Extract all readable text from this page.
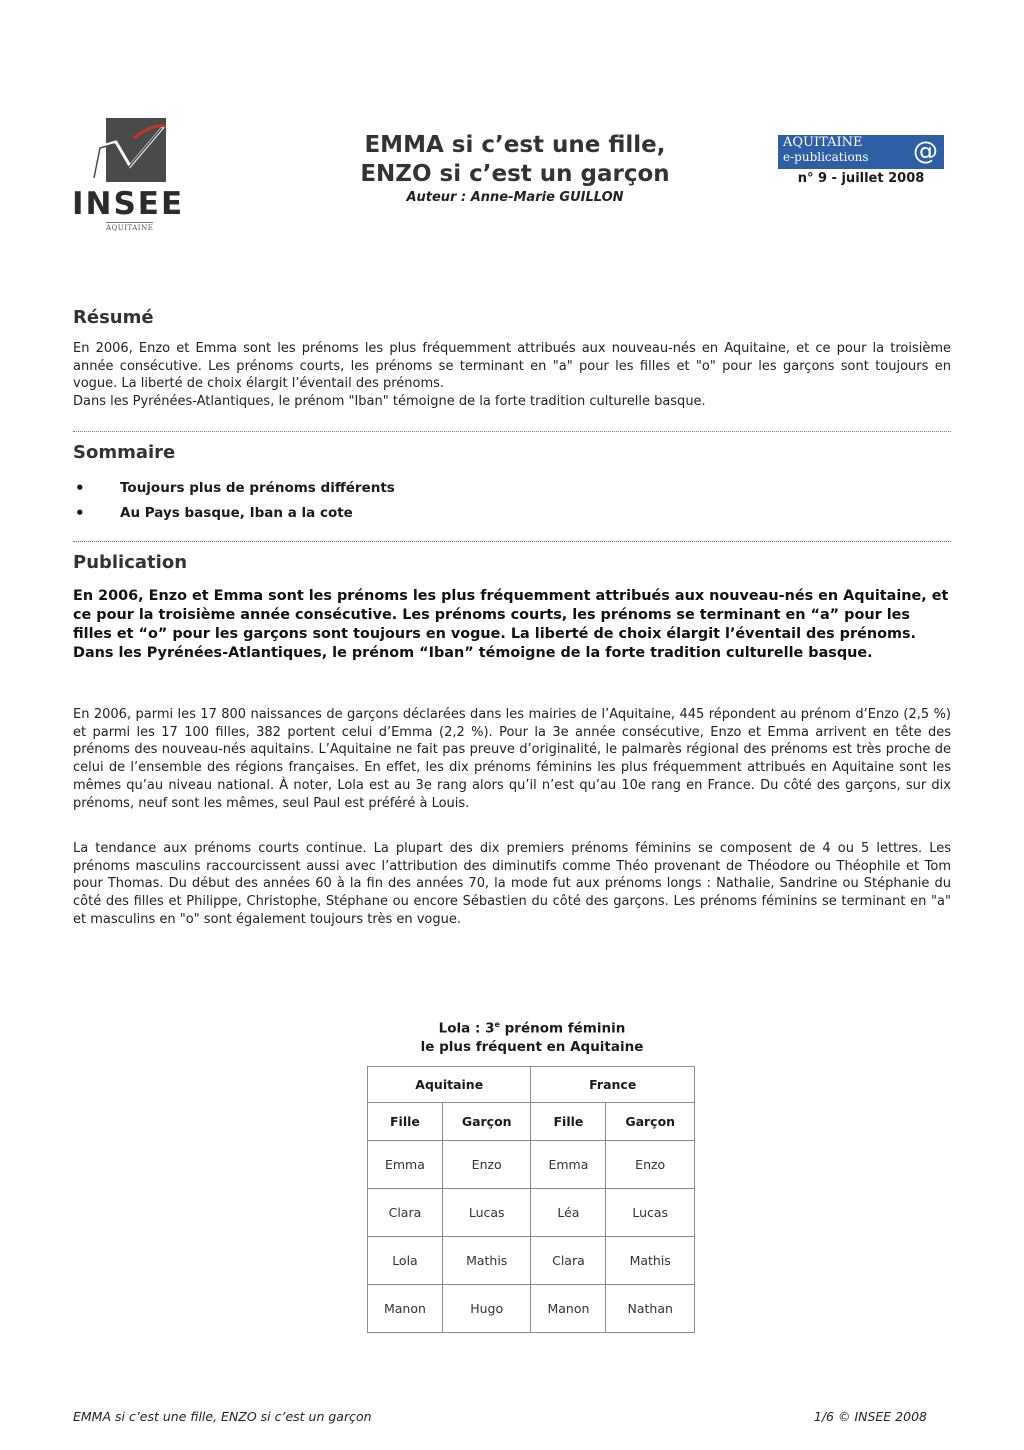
INSEE
AQUITAINE
EMMA si c’est une fille,
ENZO si c’est un garçon
Auteur : Anne-Marie GUILLON
AQUITAINE
e-publications @
n° 9 - juillet 2008
Résumé

En 2006, Enzo et Emma sont les prénoms les plus fréquemment attribués aux nouveau-nés en Aquitaine, et ce pour la troisième année consécutive. Les prénoms courts, les prénoms se terminant en "a" pour les filles et "o" pour les garçons sont toujours en vogue. La liberté de choix élargit l’éventail des prénoms.

Dans les Pyrénées-Atlantiques, le prénom "Iban" témoigne de la forte tradition culturelle basque.

Sommaire
• Toujours plus de prénoms différents
• Au Pays basque, Iban a la cote
Publication

En 2006, Enzo et Emma sont les prénoms les plus fréquemment attribués aux nouveau-nés en Aquitaine, et ce pour la troisième année consécutive. Les prénoms courts, les prénoms se terminant en “a” pour les filles et “o” pour les garçons sont toujours en vogue. La liberté de choix élargit l’éventail des prénoms.

Dans les Pyrénées-Atlantiques, le prénom “Iban” témoigne de la forte tradition culturelle basque.

En 2006, parmi les 17 800 naissances de garçons déclarées dans les mairies de l’Aquitaine, 445 répondent au prénom d’Enzo (2,5 %) et parmi les 17 100 filles, 382 portent celui d’Emma (2,2 %). Pour la 3e année consécutive, Enzo et Emma arrivent en tête des prénoms des nouveau-nés aquitains. L’Aquitaine ne fait pas preuve d’originalité, le palmarès régional des prénoms est très proche de celui de l’ensemble des régions françaises. En effet, les dix prénoms féminins les plus fréquemment attribués en Aquitaine sont les mêmes qu’au niveau national. À noter, Lola est au 3e rang alors qu’il n’est qu’au 10e rang en France. Du côté des garçons, sur dix prénoms, neuf sont les mêmes, seul Paul est préféré à Louis.
La tendance aux prénoms courts continue. La plupart des dix premiers prénoms féminins se composent de 4 ou 5 lettres. Les prénoms masculins raccourcissent aussi avec l’attribution des diminutifs comme Théo provenant de Théodore ou Théophile et Tom pour Thomas. Du début des années 60 à la fin des années 70, la mode fut aux prénoms longs : Nathalie, Sandrine ou Stéphanie du côté des filles et Philippe, Christophe, Stéphane ou encore Sébastien du côté des garçons. Les prénoms féminins se terminant en "a" et masculins en "o" sont également toujours très en vogue.
Lola : 3e prénom féminin
le plus fréquent en Aquitaine
Aquitaine		France	
Fille	Garçon	Fille	Garçon
Emma	Enzo	Emma	Enzo
Clara	Lucas	Léa	Lucas
Lola	Mathis	Clara	Mathis
Manon	Hugo	Manon	Nathan
EMMA si c’est une fille, ENZO si c’est un garçon	1/6 © INSEE 2008
